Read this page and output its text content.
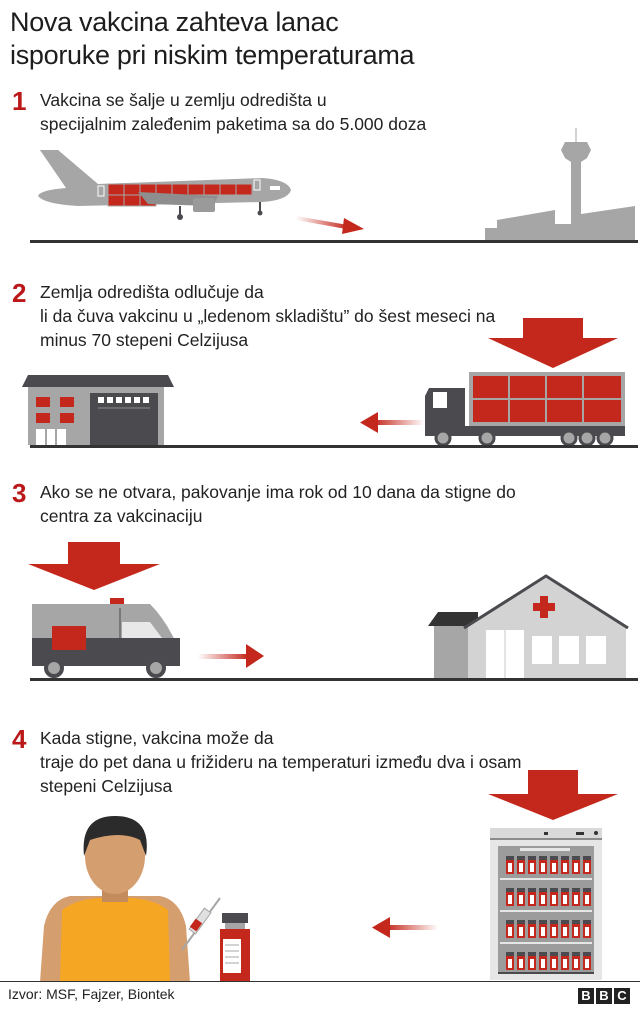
Nova vakcina zahteva lanac
isporuke pri niskim temperaturama
1 Vakcina se šalje u zemlju odredišta u
specijalnim zaleđenim paketima sa do 5.000 doza
2 Zemlja odredišta odlučuje da
li da čuva vakcinu u „ledenom skladištu” do šest meseci na
minus 70 stepeni Celzijusa
3 Ako se ne otvara, pakovanje ima rok od 10 dana da stigne do
centra za vakcinaciju
4 Kada stigne, vakcina može da
traje do pet dana u frižideru na temperaturi između dva i osam
stepeni Celzijusa
Izvor: MSF, Fajzer, Biontek	B B C
